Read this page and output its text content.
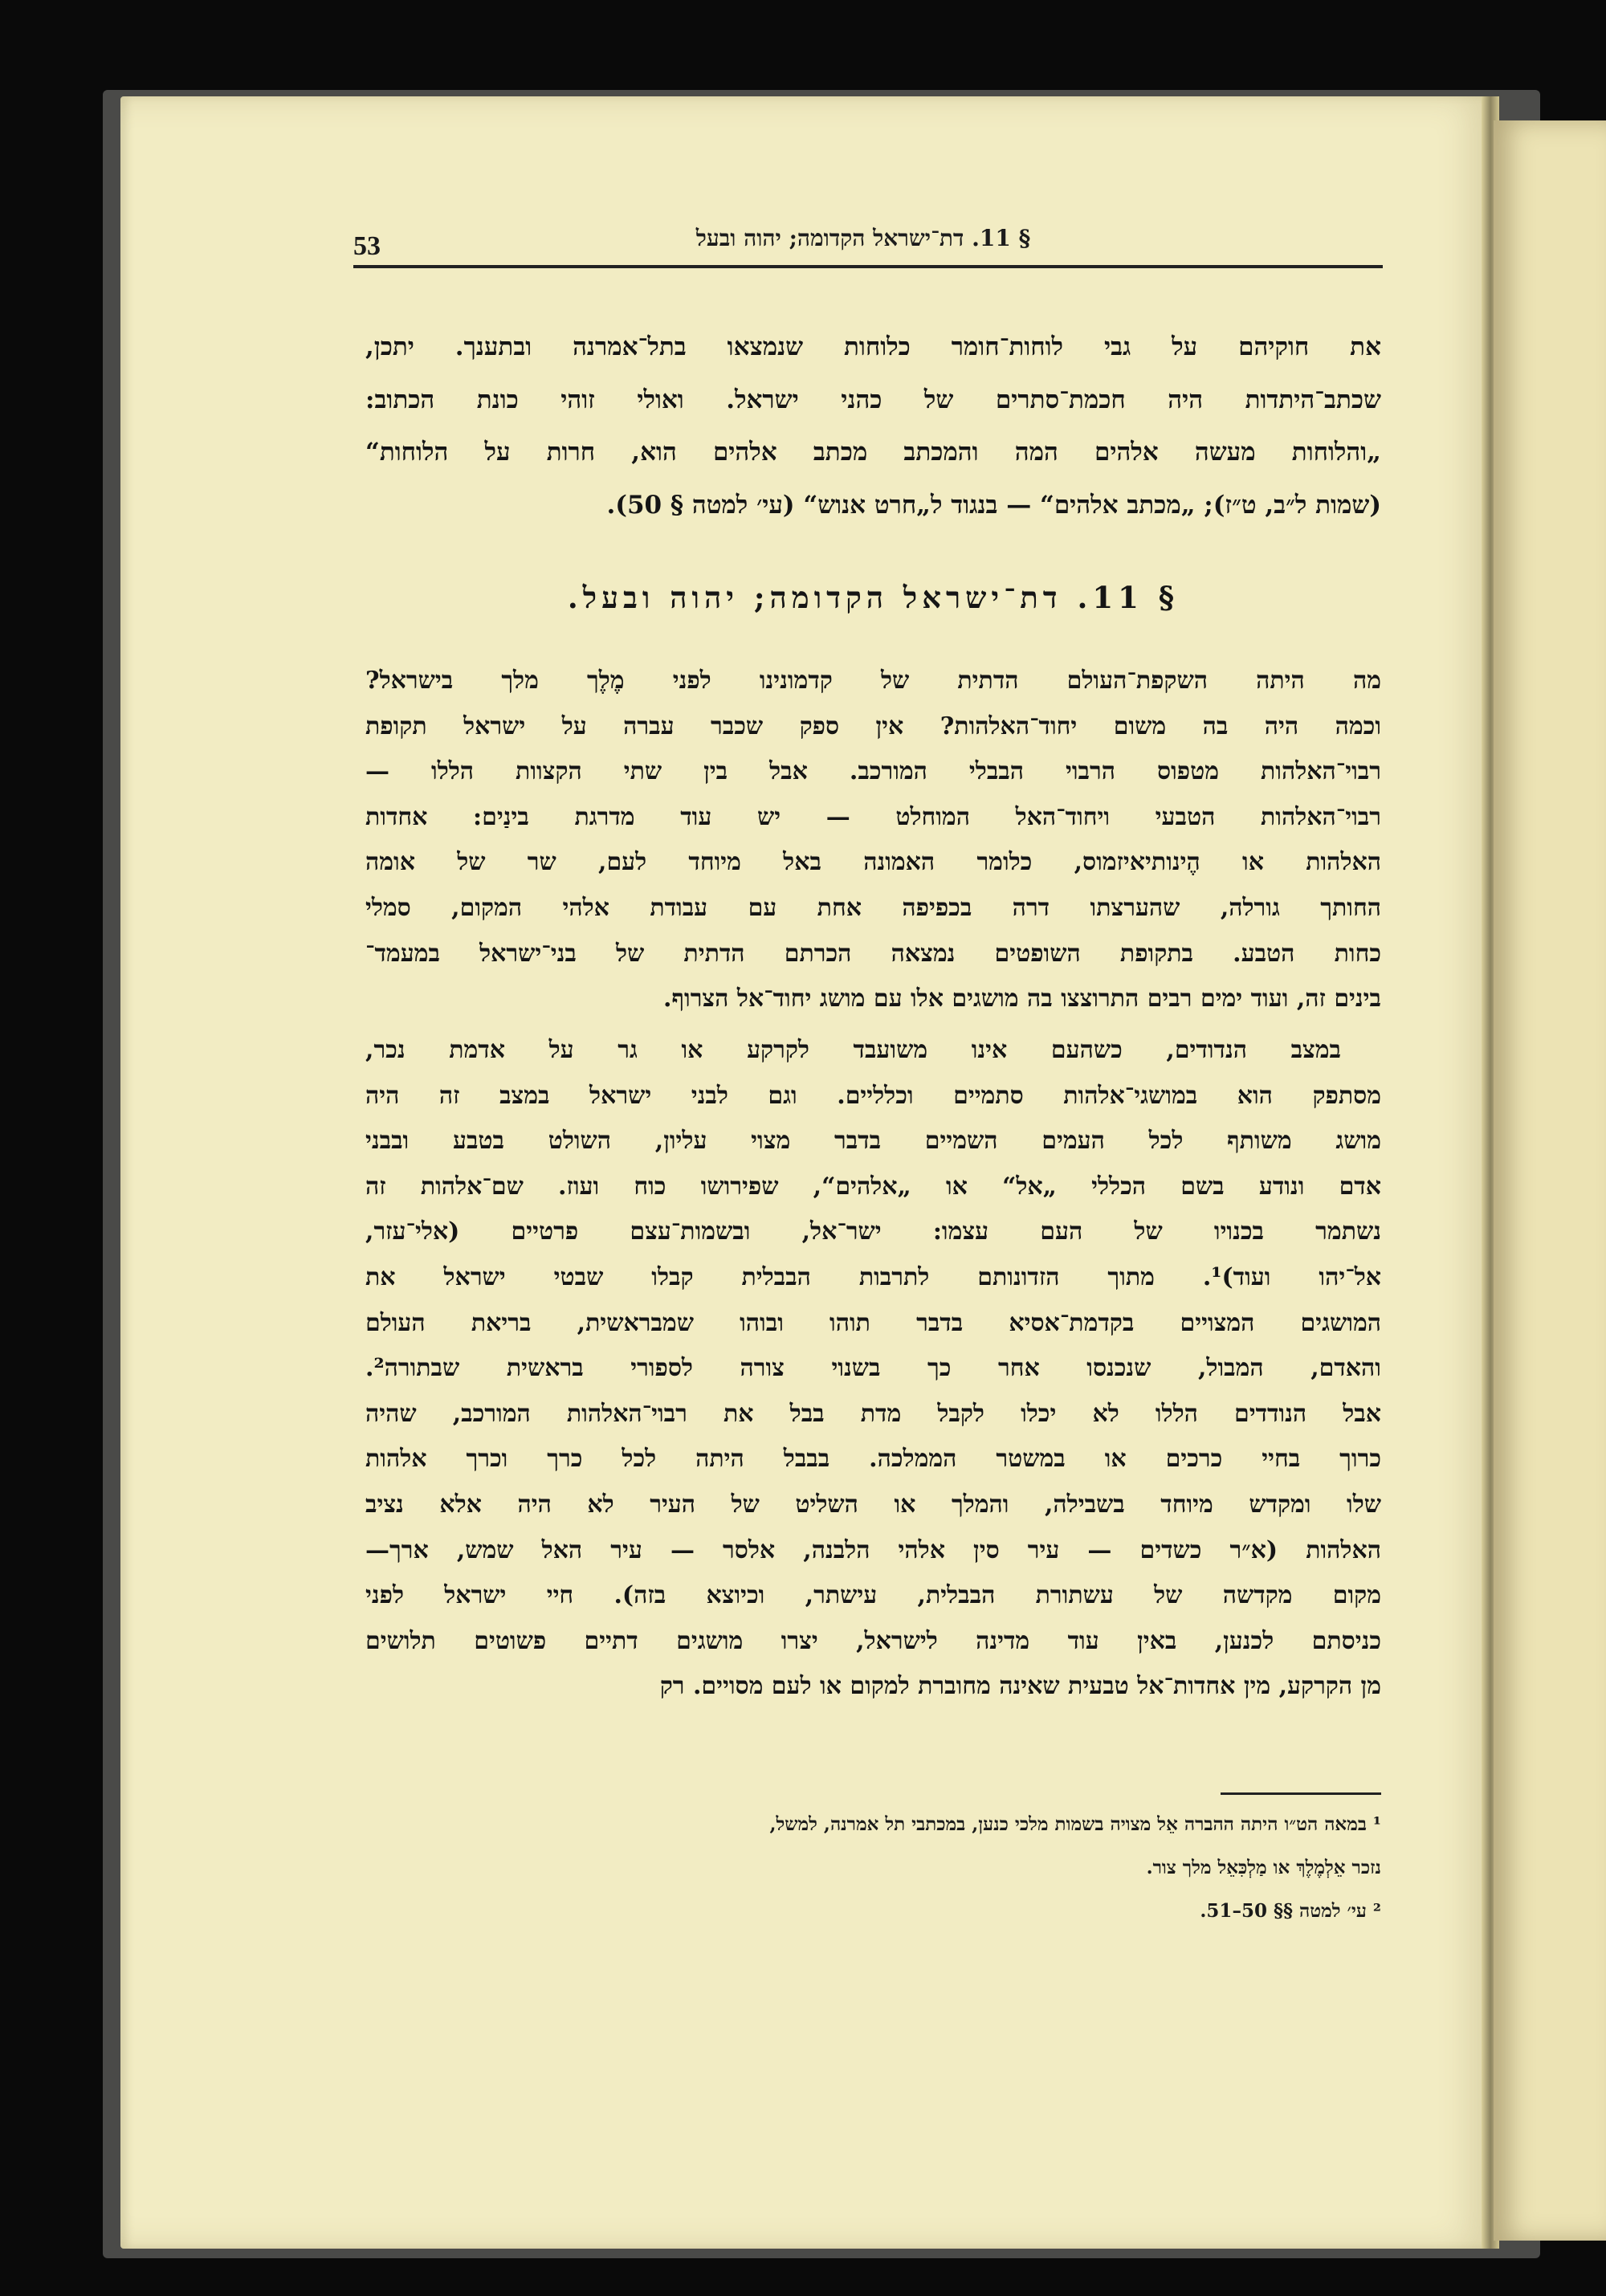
53	§ 11. דת־ישראל הקדומה; יהוה ובעל
את חוקיהם על גבי לוחות־חומר כלוחות שנמצאו בתל־אמרנה ובתענך. יתכן,
שכתב־היתדות היה חכמת־סתרים של כהני ישראל. ואולי זוהי כונת הכתוב:
„והלוחות מעשה אלהים המה והמכתב מכתב אלהים הוא, חרות על הלוחות“
(שמות ל״ב, ט״ז); „מכתב אלהים“ — בנגוד ל„חרט אנוש“ (עי׳ למטה § 50).
§ 11. דת־ישראל הקדומה; יהוה ובעל.
מה היתה השקפת־העולם הדתית של קדמונינו לפני מֶלֶך מלך בישראל?
וכמה היה בה משום יחוד־האלהות? אין ספק שכבר עברה על ישראל תקופת
רבוי־האלהות מטפוס הרבוי הבבלי המורכב. אבל בין שתי הקצוות הללו —
רבוי־האלהות הטבעי ויחוד־האל המוחלט — יש עוד מדרגת בינַים: אחדות
האלהות או הֶינותיאיזמוס, כלומר האמונה באל מיוחד לעם, שר של אומה
החותך גורלה, שהערצתו דרה בכפיפה אחת עם עבודת אלהי המקום, סמלי
כחות הטבע. בתקופת השופטים נמצאה הכרתם הדתית של בני־ישראל במעמד־
בינים זה, ועוד ימים רבים התרוצצו בה מושגים אלו עם מושג יחוד־אל הצרוף.
במצב הנדודים, כשהעם אינו משועבד לקרקע או גר על אדמת נכר,
מסתפק הוא במושגי־אלהות סתמיים וכלליים. וגם לבני ישראל במצב זה היה
מושג משותף לכל העמים השמיים בדבר מצוי עליון, השולט בטבע ובבני
אדם ונודע בשם הכללי „אל“ או „אלהים“, שפירושו כוח ועוז. שם־אלהות זה
נשתמר בכנויו של העם עצמו: ישר־אל, ובשמות־עצם פרטיים (אלי־עזר,
אל־יהו ועוד)¹. מתוך הזדונותם לתרבות הבבלית קבלו שבטי ישראל את
המושגים המצויים בקדמת־אסיא בדבר תוהו ובוהו שמבראשית, בריאת העולם
והאדם, המבול, שנכנסו אחר כך בשנוי צורה לספורי בראשית שבתורה².
אבל הנודדים הללו לא יכלו לקבל מדת בבל את רבוי־האלהות המורכב, שהיה
כרוך בחיי כרכים או במשטר הממלכה. בבבל היתה לכל כרך וכרך אלהות
שלו ומקדש מיוחד בשבילה, והמלך או השליט של העיר לא היה אלא נציב
האלהות (א״ר כשדים — עיר סין אלהי הלבנה, אלסר — עיר האל שמש, ארך—
מקום מקדשה של עשתורת הבבלית, עישתר, וכיוצא בזה). חיי ישראל לפני
כניסתם לכנען, באין עוד מדינה לישראל, יצרו מושגים דתיים פשוטים תלושים
מן הקרקע, מין אחדות־אל טבעית שאינה מחוברת למקום או לעם מסויים. רק
¹ במאה הט״ו היתה ההברה אֵל מצויה בשמות מלכי כנען, במכתבי תל אמרנה, למשל,
נזכר אֵלְמֶלֶךְ או מַלְכִּאֵל מלך צור.
² עי׳ למטה §§ 50–51.
